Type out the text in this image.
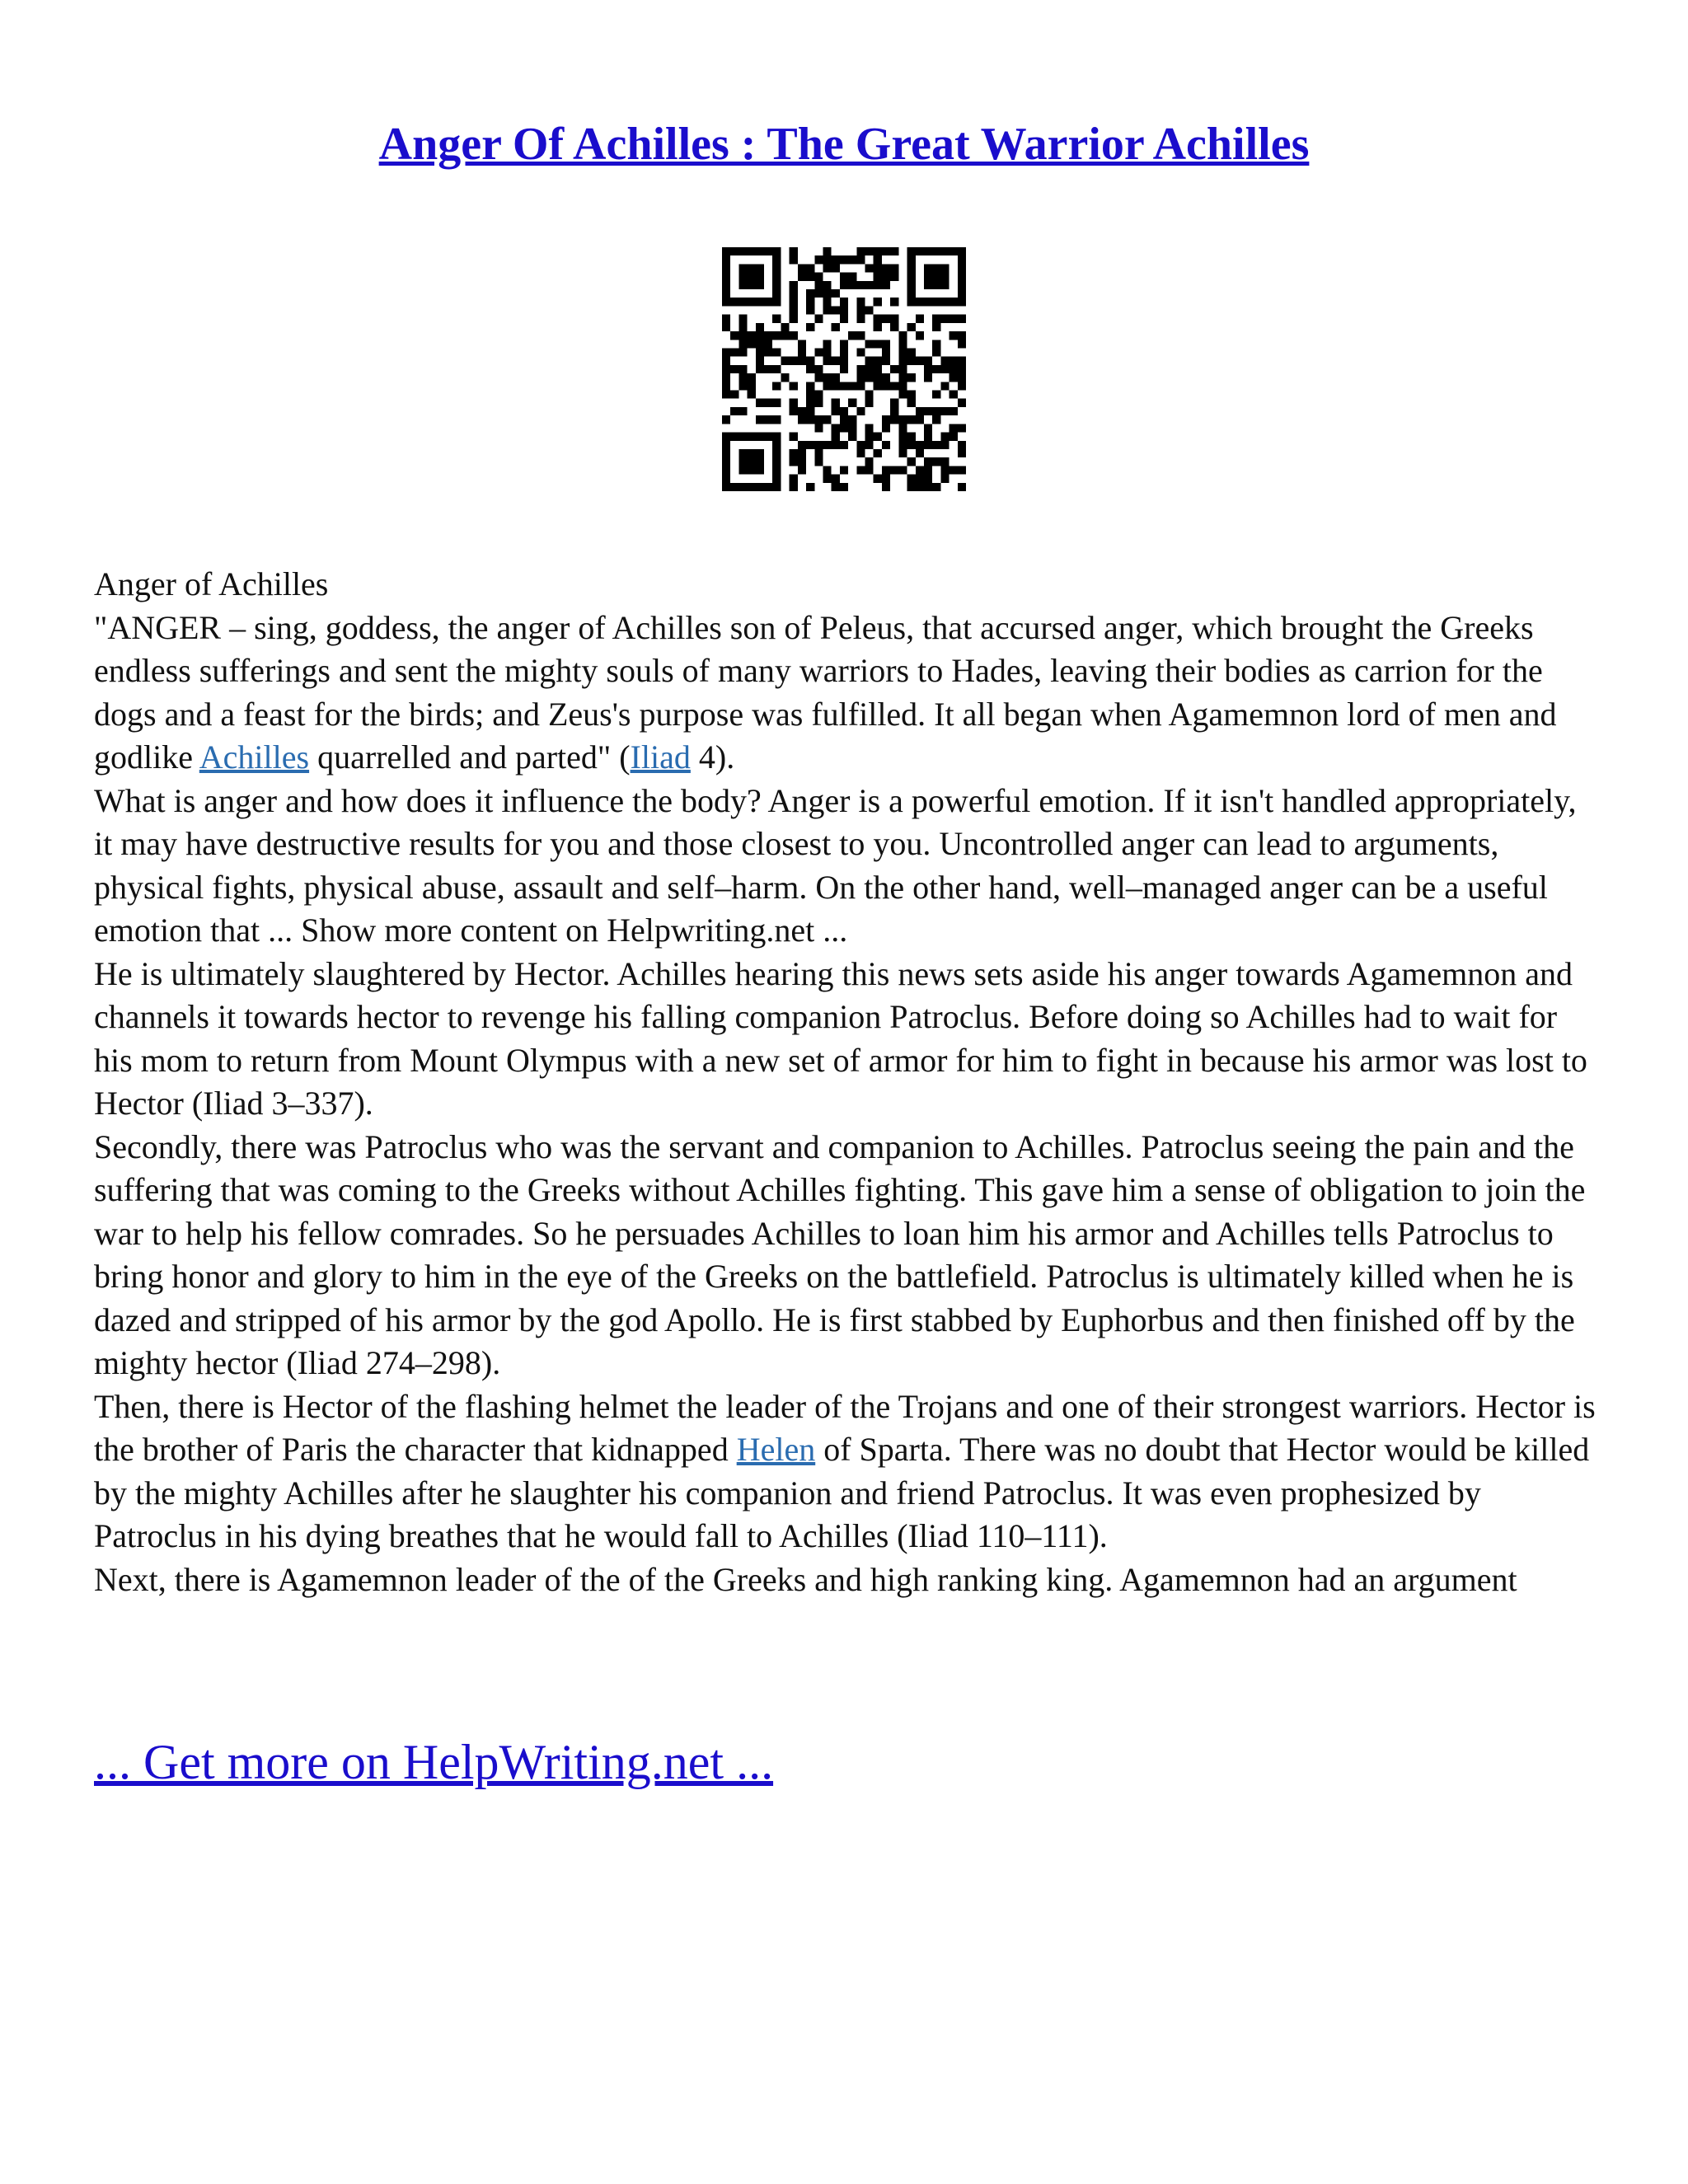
Anger Of Achilles : The Great Warrior Achilles

Anger of Achilles

"ANGER – sing, goddess, the anger of Achilles son of Peleus, that accursed anger, which brought the Greeks endless sufferings and sent the mighty souls of many warriors to Hades, leaving their bodies as carrion for the dogs and a feast for the birds; and Zeus's purpose was fulfilled. It all began when Agamemnon lord of men and godlike Achilles quarrelled and parted" (Iliad 4).

What is anger and how does it influence the body? Anger is a powerful emotion. If it isn't handled appropriately, it may have destructive results for you and those closest to you. Uncontrolled anger can lead to arguments, physical fights, physical abuse, assault and self–harm. On the other hand, well–managed anger can be a useful emotion that ... Show more content on Helpwriting.net ...

He is ultimately slaughtered by Hector. Achilles hearing this news sets aside his anger towards Agamemnon and channels it towards hector to revenge his falling companion Patroclus. Before doing so Achilles had to wait for his mom to return from Mount Olympus with a new set of armor for him to fight in because his armor was lost to Hector (Iliad 3–337).

Secondly, there was Patroclus who was the servant and companion to Achilles. Patroclus seeing the pain and the suffering that was coming to the Greeks without Achilles fighting. This gave him a sense of obligation to join the war to help his fellow comrades. So he persuades Achilles to loan him his armor and Achilles tells Patroclus to bring honor and glory to him in the eye of the Greeks on the battlefield. Patroclus is ultimately killed when he is dazed and stripped of his armor by the god Apollo. He is first stabbed by Euphorbus and then finished off by the mighty hector (Iliad 274–298).

Then, there is Hector of the flashing helmet the leader of the Trojans and one of their strongest warriors. Hector is the brother of Paris the character that kidnapped Helen of Sparta. There was no doubt that Hector would be killed by the mighty Achilles after he slaughter his companion and friend Patroclus. It was even prophesized by Patroclus in his dying breathes that he would fall to Achilles (Iliad 110–111).

Next, there is Agamemnon leader of the of the Greeks and high ranking king. Agamemnon had an argument

... Get more on HelpWriting.net ...
